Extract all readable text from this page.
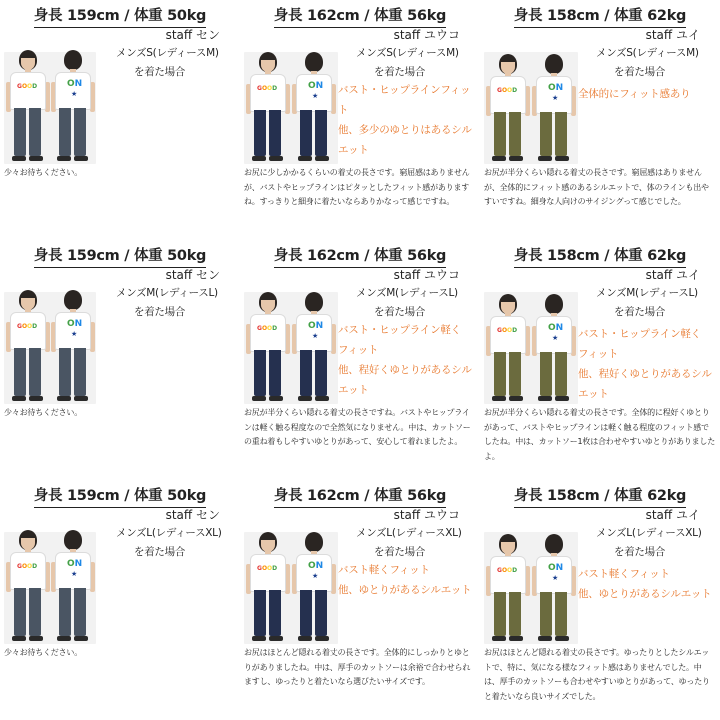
身長 159cm / 体重 50kg
staff セン
GOOD	ON
★
メンズS(レディースM)
を着た場合
少々お待ちください。
身長 162cm / 体重 56kg
staff ユウコ
GOOD	ON
★
メンズS(レディースM)
を着た場合
バスト・ヒップラインフィット
他、多少のゆとりはあるシル
エット
お尻に少しかかるくらいの着丈の長さです。窮屈感はありませんが、バストやヒップラインはピタッとしたフィット感がありますね。すっきりと細身に着たいならありかなって感じですね。
身長 158cm / 体重 62kg
staff ユイ
GOOD	ON
★
メンズS(レディースM)
を着た場合
全体的にフィット感あり
お尻が半分くらい隠れる着丈の長さです。窮屈感はありませんが、全体的にフィット感のあるシルエットで、体のラインも出やすいですね。細身な人向けのサイジングって感じでした。
身長 159cm / 体重 50kg
staff セン
GOOD	ON
★
メンズM(レディースL)
を着た場合
少々お待ちください。
身長 162cm / 体重 56kg
staff ユウコ
GOOD	ON
★
メンズM(レディースL)
を着た場合
バスト・ヒップライン軽く
フィット
他、程好くゆとりがあるシル
エット
お尻が半分くらい隠れる着丈の長さですね。バストやヒップラインは軽く触る程度なので全然気になりません。中は、カットソーの重ね着もしやすいゆとりがあって、安心して着れましたよ。
身長 158cm / 体重 62kg
staff ユイ
GOOD	ON
★
メンズM(レディースL)
を着た場合
バスト・ヒップライン軽く
フィット
他、程好くゆとりがあるシル
エット
お尻が半分くらい隠れる着丈の長さです。全体的に程好くゆとりがあって、バストやヒップラインは軽く触る程度のフィット感でしたね。中は、カットソー1枚は合わせやすいゆとりがありましたよ。
身長 159cm / 体重 50kg
staff セン
GOOD	ON
★
メンズL(レディースXL)
を着た場合
少々お待ちください。
身長 162cm / 体重 56kg
staff ユウコ
GOOD	ON
★
メンズL(レディースXL)
を着た場合
バスト軽くフィット
他、ゆとりがあるシルエット
お尻はほとんど隠れる着丈の長さです。全体的にしっかりとゆとりがありましたね。中は、厚手のカットソーは余裕で合わせられますし、ゆったりと着たいなら選びたいサイズです。
身長 158cm / 体重 62kg
staff ユイ
GOOD	ON
★
メンズL(レディースXL)
を着た場合
バスト軽くフィット
他、ゆとりがあるシルエット
お尻はほとんど隠れる着丈の長さです。ゆったりとしたシルエットで、特に、気になる様なフィット感はありませんでした。中は、厚手のカットソーも合わせやすいゆとりがあって、ゆったりと着たいなら良いサイズでした。
